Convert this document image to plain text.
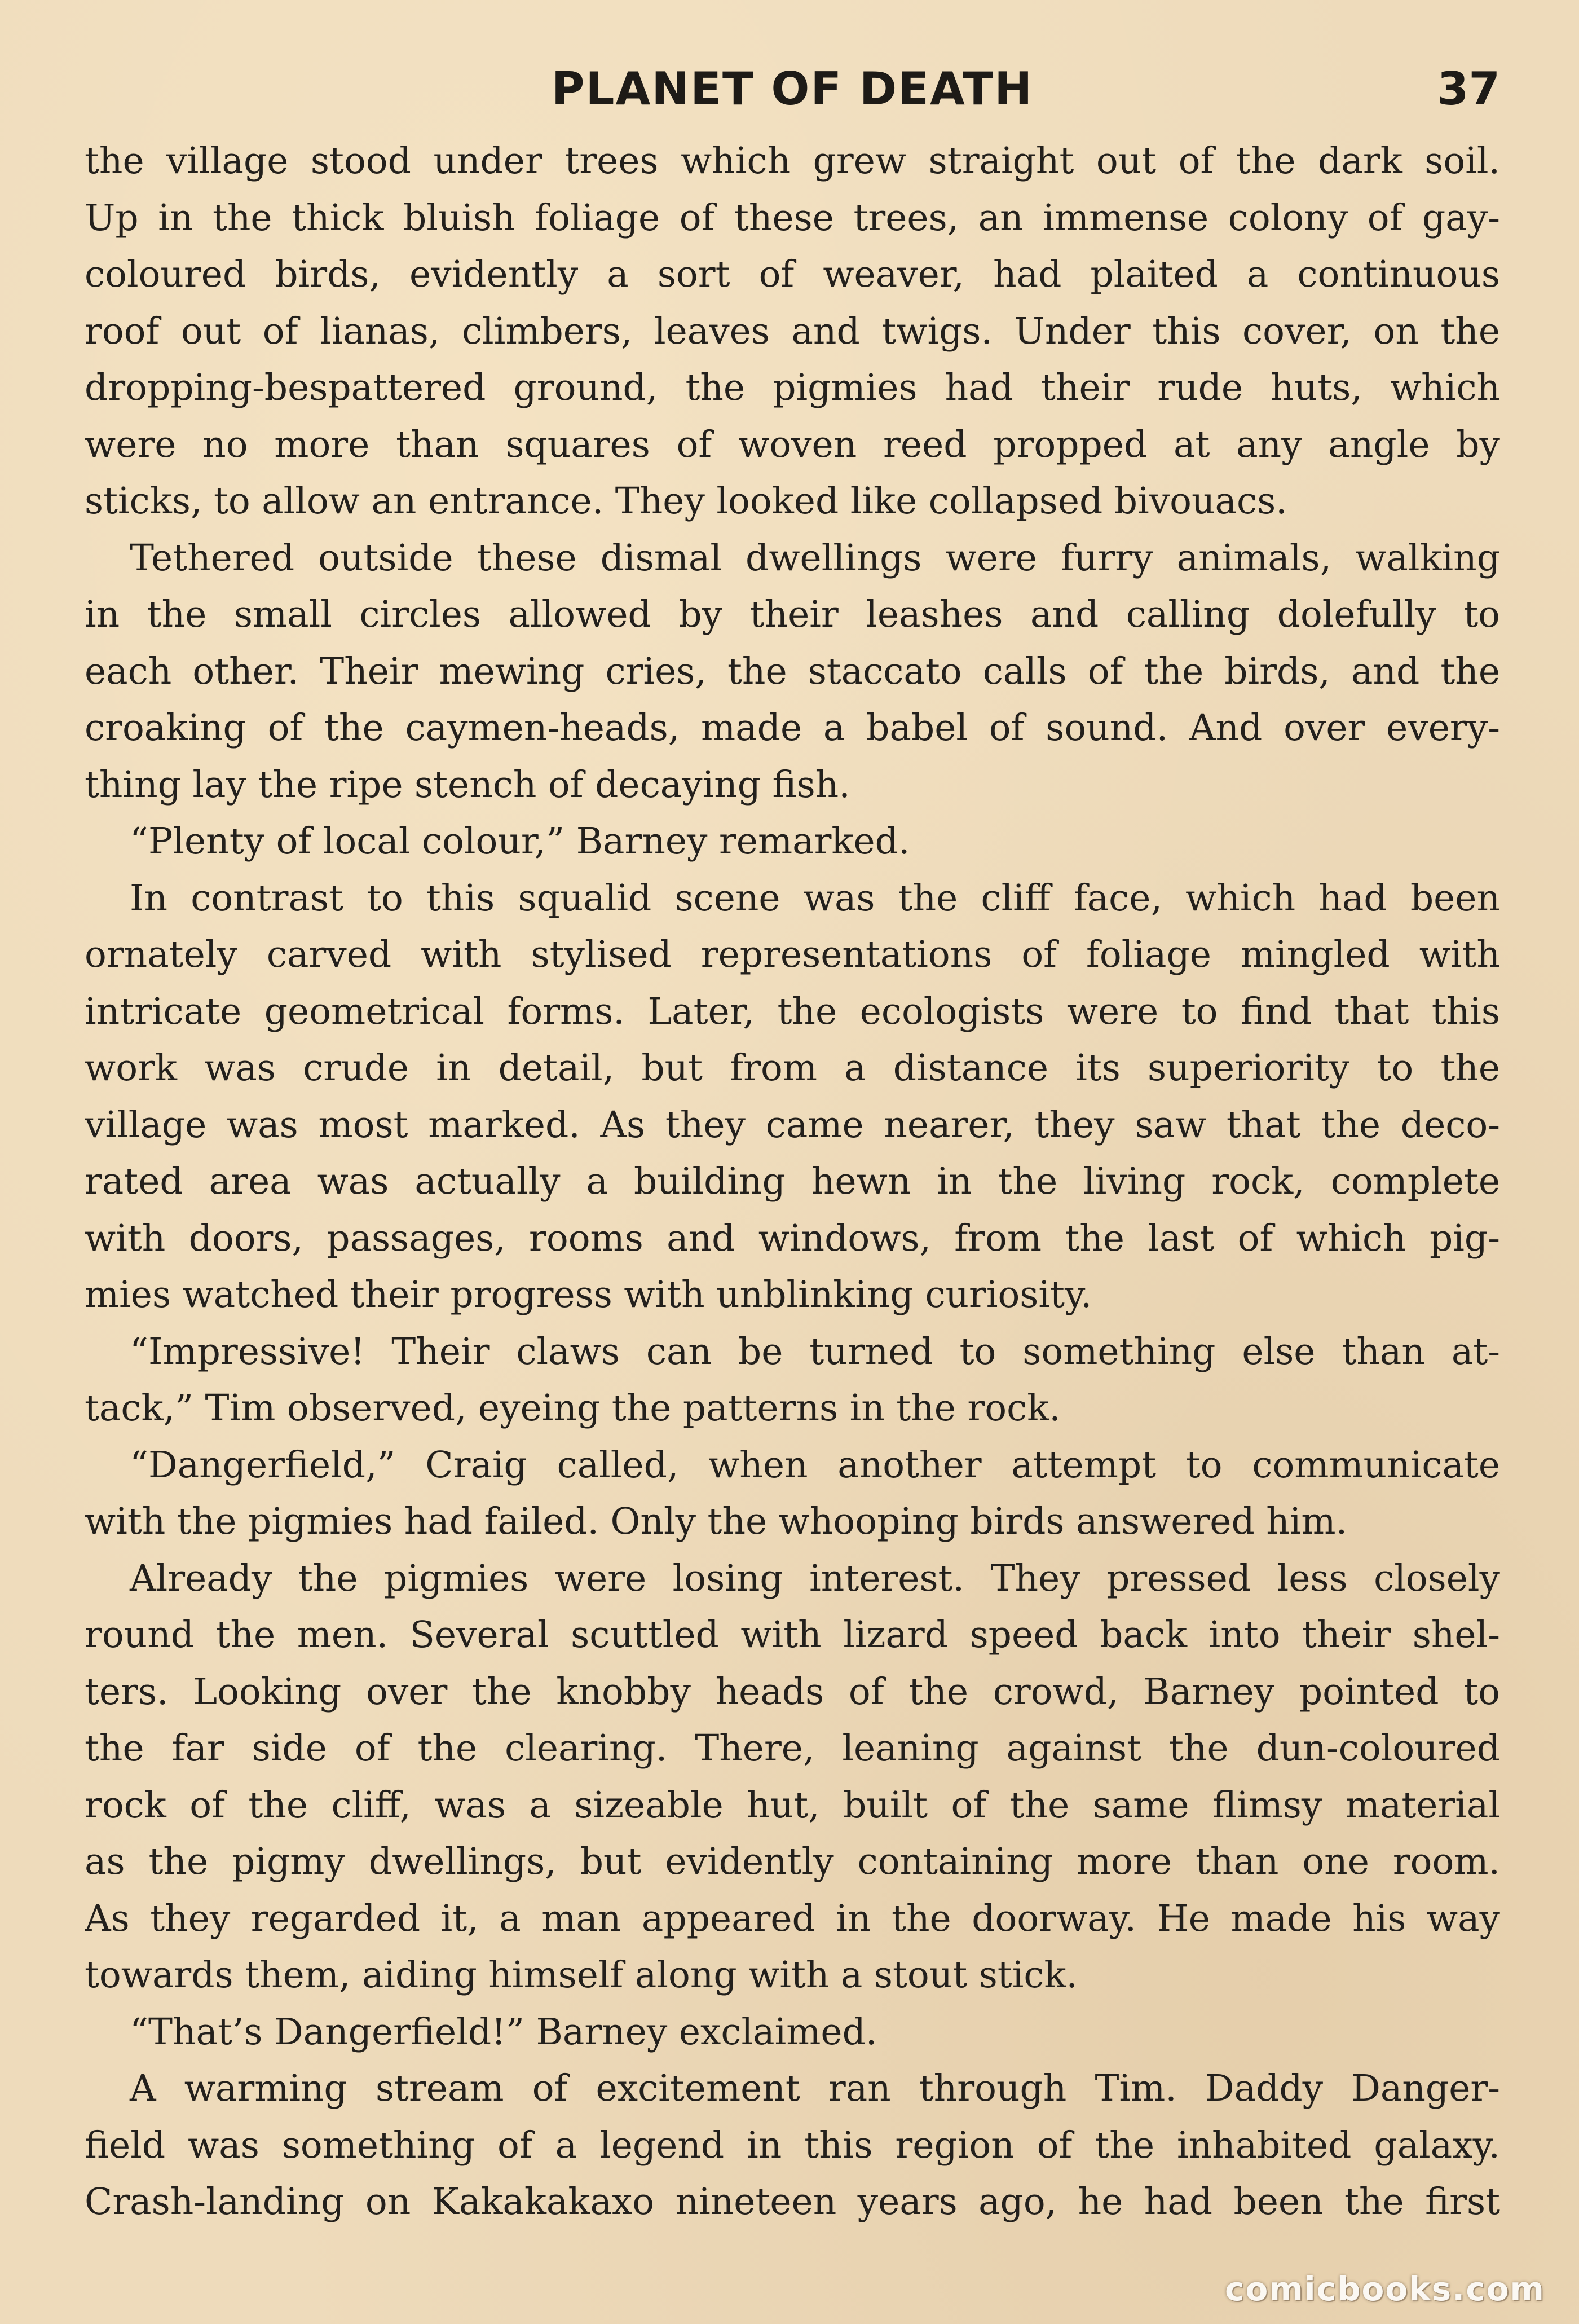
PLANET OF DEATH	37
the village stood under trees which grew straight out of the dark soil.
Up in the thick bluish foliage of these trees, an immense colony of gay-
coloured birds, evidently a sort of weaver, had plaited a continuous
roof out of lianas, climbers, leaves and twigs. Under this cover, on the
dropping-bespattered ground, the pigmies had their rude huts, which
were no more than squares of woven reed propped at any angle by
sticks, to allow an entrance. They looked like collapsed bivouacs.
Tethered outside these dismal dwellings were furry animals, walking
in the small circles allowed by their leashes and calling dolefully to
each other. Their mewing cries, the staccato calls of the birds, and the
croaking of the caymen-heads, made a babel of sound. And over every-
thing lay the ripe stench of decaying fish.
“Plenty of local colour,” Barney remarked.
In contrast to this squalid scene was the cliff face, which had been
ornately carved with stylised representations of foliage mingled with
intricate geometrical forms. Later, the ecologists were to find that this
work was crude in detail, but from a distance its superiority to the
village was most marked. As they came nearer, they saw that the deco-
rated area was actually a building hewn in the living rock, complete
with doors, passages, rooms and windows, from the last of which pig-
mies watched their progress with unblinking curiosity.
“Impressive! Their claws can be turned to something else than at-
tack,” Tim observed, eyeing the patterns in the rock.
“Dangerfield,” Craig called, when another attempt to communicate
with the pigmies had failed. Only the whooping birds answered him.
Already the pigmies were losing interest. They pressed less closely
round the men. Several scuttled with lizard speed back into their shel-
ters. Looking over the knobby heads of the crowd, Barney pointed to
the far side of the clearing. There, leaning against the dun-coloured
rock of the cliff, was a sizeable hut, built of the same flimsy material
as the pigmy dwellings, but evidently containing more than one room.
As they regarded it, a man appeared in the doorway. He made his way
towards them, aiding himself along with a stout stick.
“That’s Dangerfield!” Barney exclaimed.
A warming stream of excitement ran through Tim. Daddy Danger-
field was something of a legend in this region of the inhabited galaxy.
Crash-landing on Kakakakaxo nineteen years ago, he had been the first
comicbooks.com
